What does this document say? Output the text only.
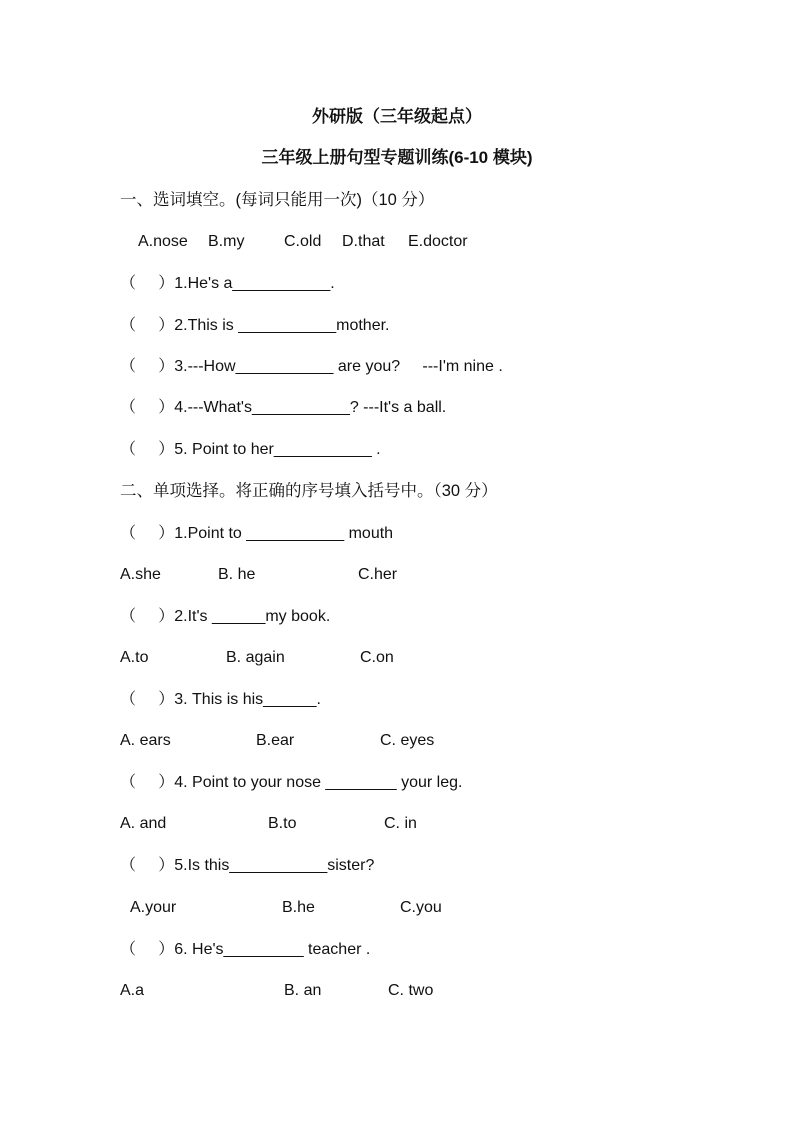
外研版（三年级起点）
三年级上册句型专题训练(6-10 模块)
一、选词填空。(每词只能用一次)（10 分）
A.nose B.my C.old D.that E.doctor
（     ）1.He's a___________.
（     ）2.This is ___________mother.
（     ）3.---How___________ are you?     ---I'm nine .
（     ）4.---What's___________? ---It's a ball.
（     ）5. Point to her___________ .
二、单项选择。将正确的序号填入括号中。（30 分）
（     ）1.Point to ___________ mouth
A.she	B. he	C.her
（     ）2.It's ______my book.
A.to	B. again	C.on
（     ）3. This is his______.
A. ears	B.ear	C. eyes
（     ）4. Point to your nose ________ your leg.
A. and	B.to	C. in
（     ）5.Is this___________sister?
A.your	B.he	C.you
（     ）6. He's_________ teacher .
A.a	B. an	C. two
